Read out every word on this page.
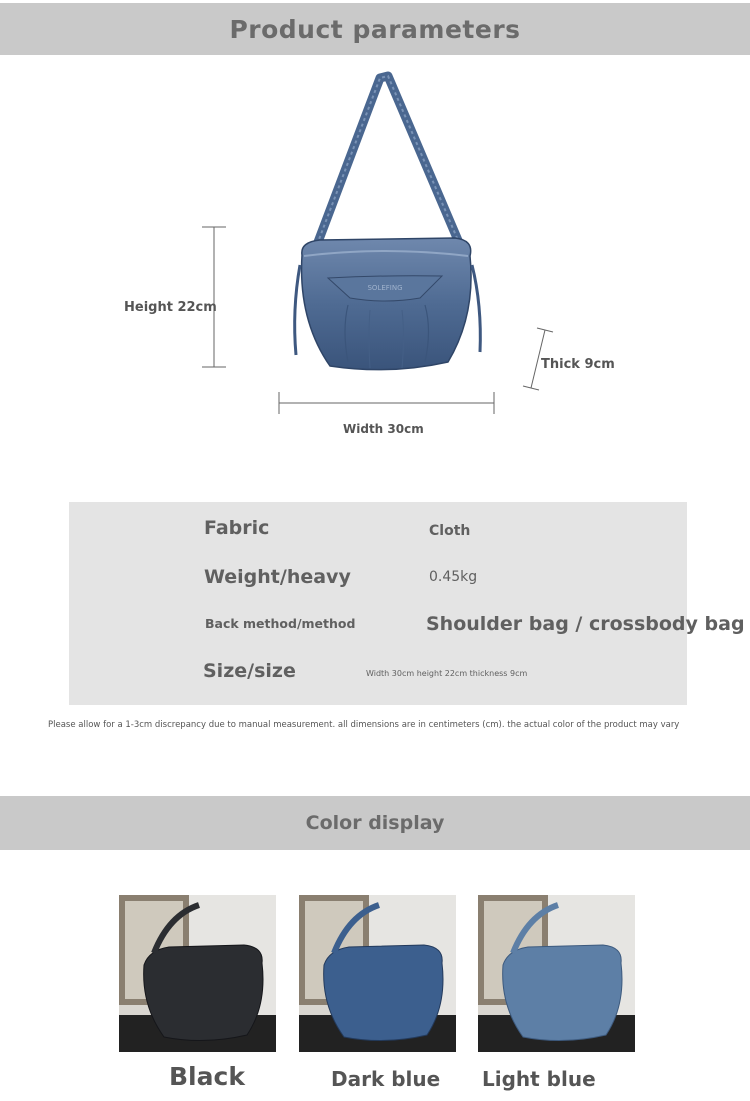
Product parameters
SOLEFING
Height 22cm
Width 30cm
Thick 9cm
Fabric	Cloth
Weight/heavy	0.45kg
Back method/method	Shoulder bag / crossbody bag
Size/size	Width 30cm height 22cm thickness 9cm
Please allow for a 1-3cm discrepancy due to manual measurement. all dimensions are in centimeters (cm). the actual color of the product may vary
Color display
Black	Dark blue Light blue
